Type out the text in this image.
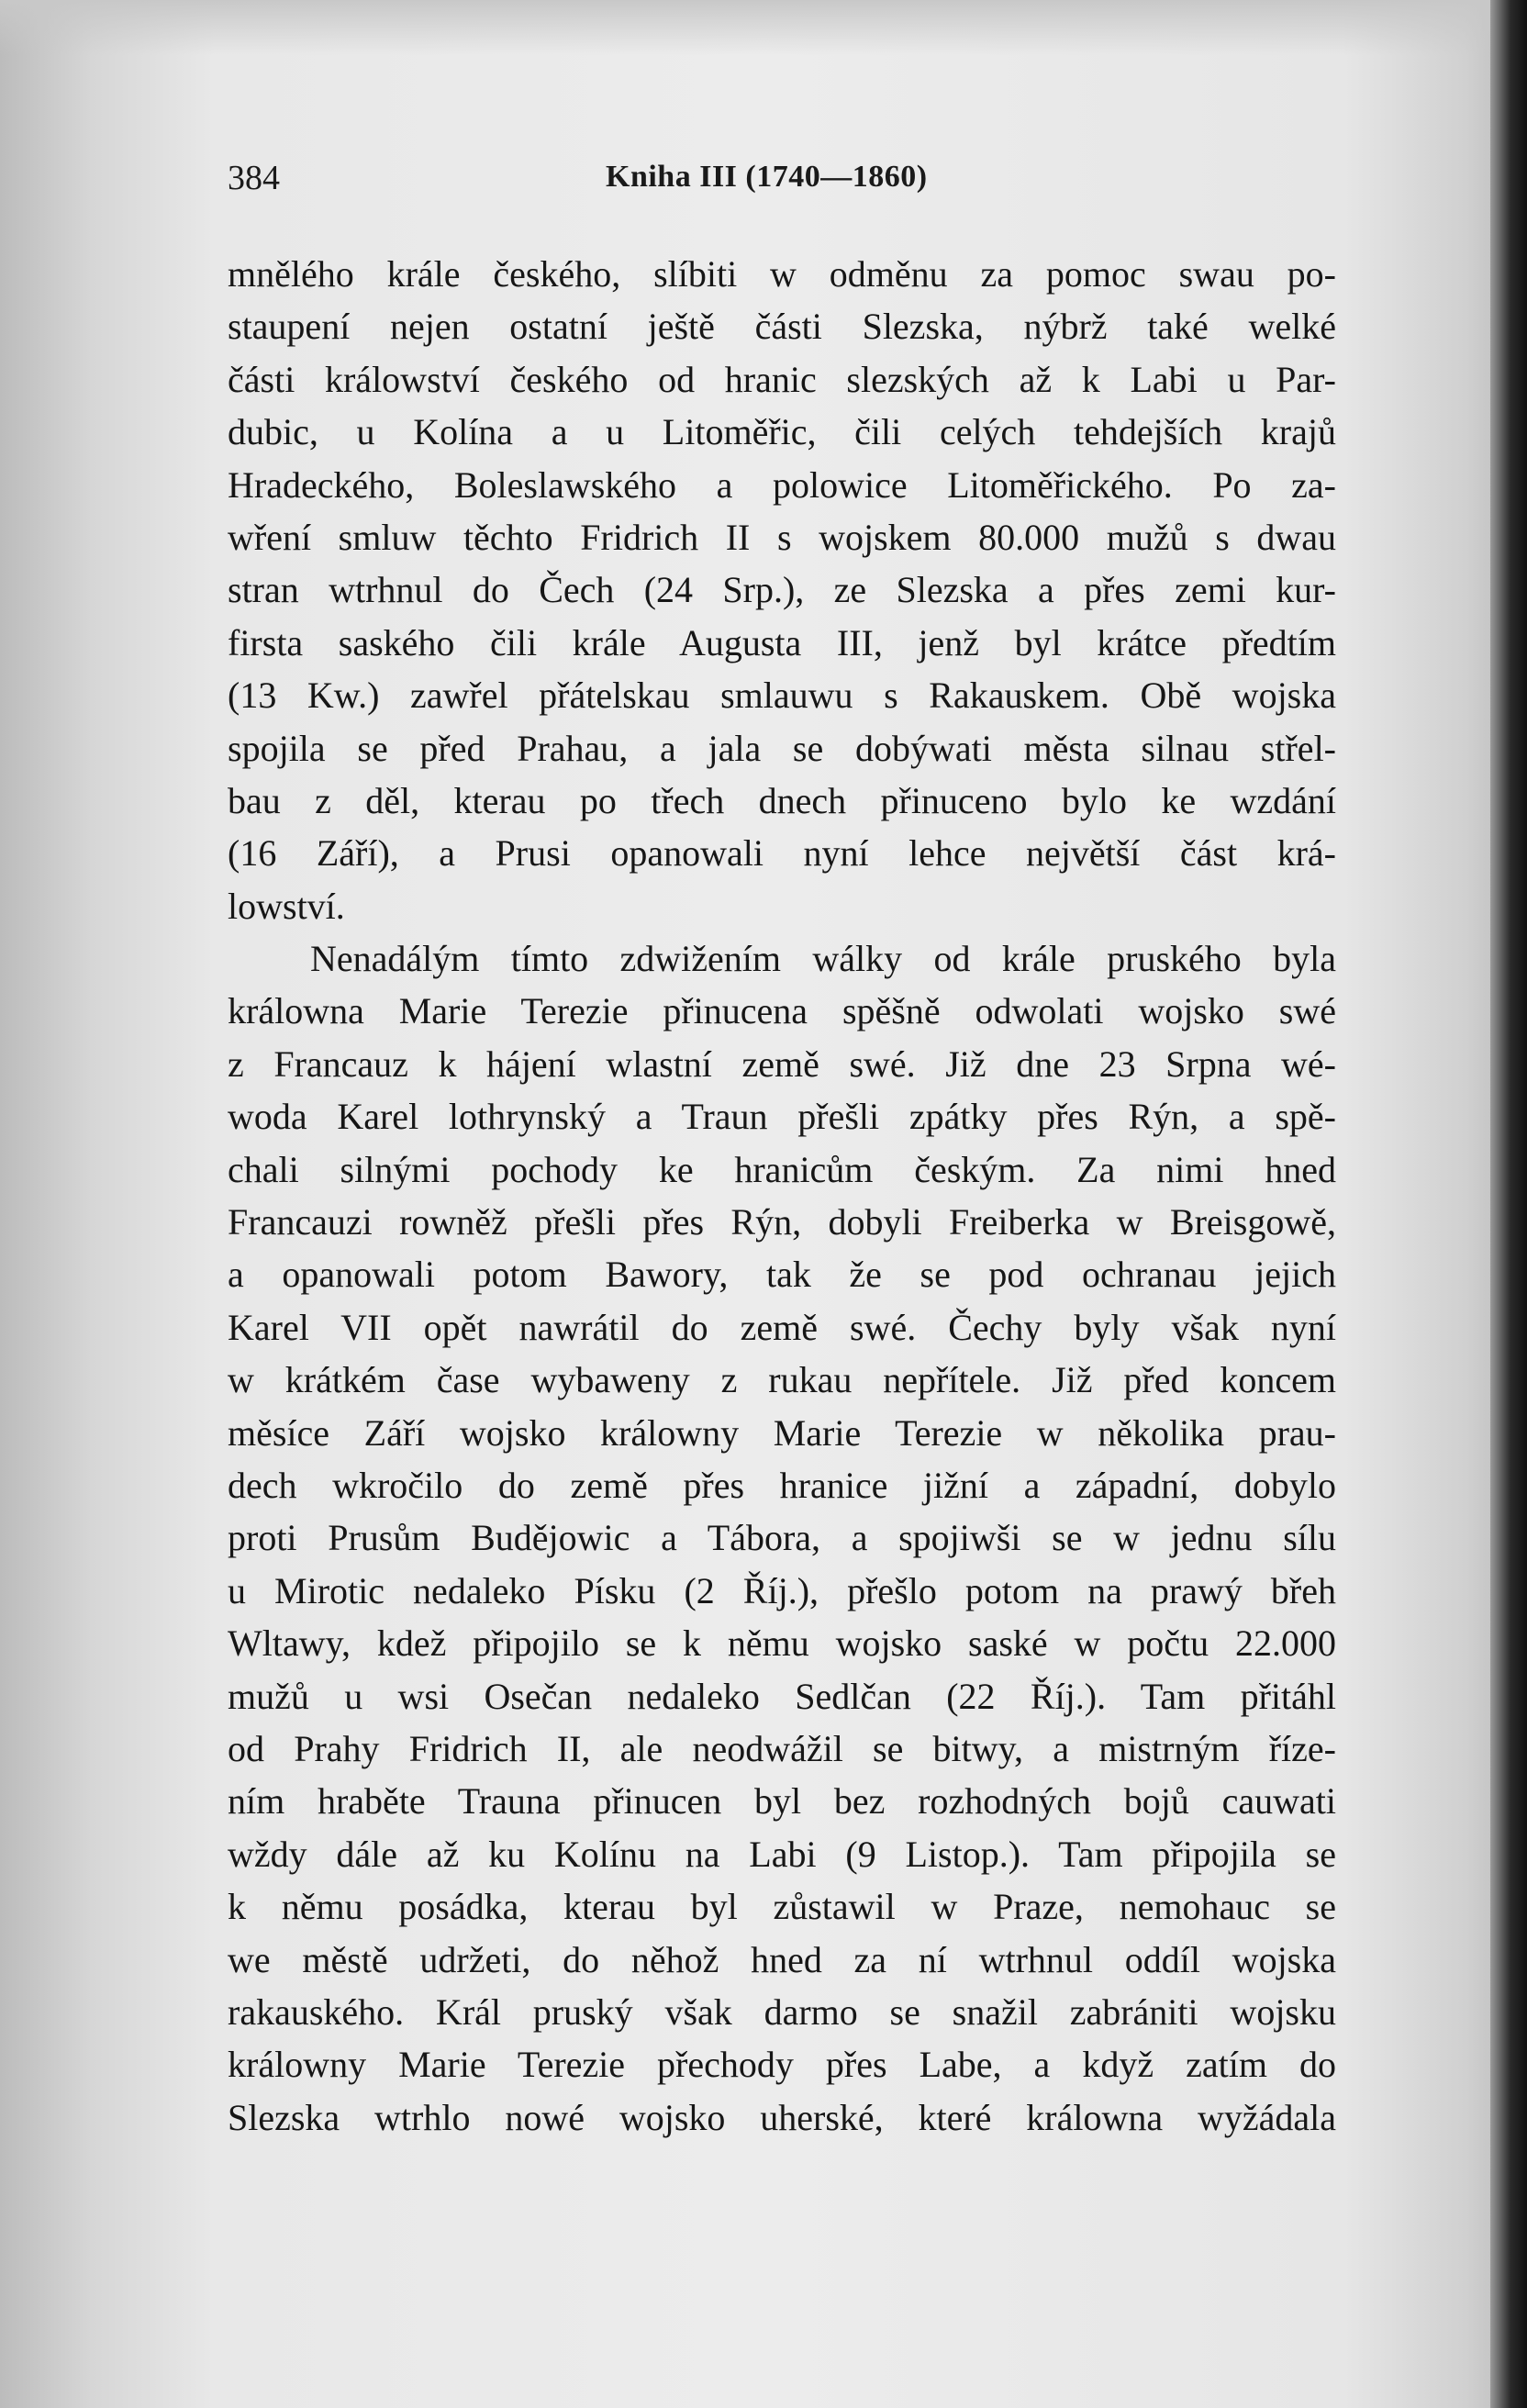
384	Kniha III (1740—1860)
mnělého krále českého, slíbiti w odměnu za pomoc swau po-
staupení nejen ostatní ještě části Slezska, nýbrž také welké
části králowství českého od hranic slezských až k Labi u Par-
dubic, u Kolína a u Litoměřic, čili celých tehdejších krajů
Hradeckého, Boleslawského a polowice Litoměřického. Po za-
wření smluw těchto Fridrich II s wojskem 80.000 mužů s dwau
stran wtrhnul do Čech (24 Srp.), ze Slezska a přes zemi kur-
firsta saského čili krále Augusta III, jenž byl krátce předtím
(13 Kw.) zawřel přátelskau smlauwu s Rakauskem. Obě wojska
spojila se před Prahau, a jala se dobýwati města silnau střel-
bau z děl, kterau po třech dnech přinuceno bylo ke wzdání
(16 Září), a Prusi opanowali nyní lehce největší část krá-
lowství.
Nenadálým tímto zdwižením wálky od krále pruského byla
králowna Marie Terezie přinucena spěšně odwolati wojsko swé
z Francauz k hájení wlastní země swé. Již dne 23 Srpna wé-
woda Karel lothrynský a Traun přešli zpátky přes Rýn, a spě-
chali silnými pochody ke hranicům českým. Za nimi hned
Francauzi rowněž přešli přes Rýn, dobyli Freiberka w Breisgowě,
a opanowali potom Bawory, tak že se pod ochranau jejich
Karel VII opět nawrátil do země swé. Čechy byly však nyní
w krátkém čase wybaweny z rukau nepřítele. Již před koncem
měsíce Září wojsko králowny Marie Terezie w několika prau-
dech wkročilo do země přes hranice jižní a západní, dobylo
proti Prusům Budějowic a Tábora, a spojiwši se w jednu sílu
u Mirotic nedaleko Písku (2 Říj.), přešlo potom na prawý břeh
Wltawy, kdež připojilo se k němu wojsko saské w počtu 22.000
mužů u wsi Osečan nedaleko Sedlčan (22 Říj.). Tam přitáhl
od Prahy Fridrich II, ale neodwážil se bitwy, a mistrným říze-
ním hraběte Trauna přinucen byl bez rozhodných bojů cauwati
wždy dále až ku Kolínu na Labi (9 Listop.). Tam připojila se
k němu posádka, kterau byl zůstawil w Praze, nemohauc se
we městě udržeti, do něhož hned za ní wtrhnul oddíl wojska
rakauského. Král pruský však darmo se snažil zabrániti wojsku
králowny Marie Terezie přechody přes Labe, a když zatím do
Slezska wtrhlo nowé wojsko uherské, které králowna wyžádala
